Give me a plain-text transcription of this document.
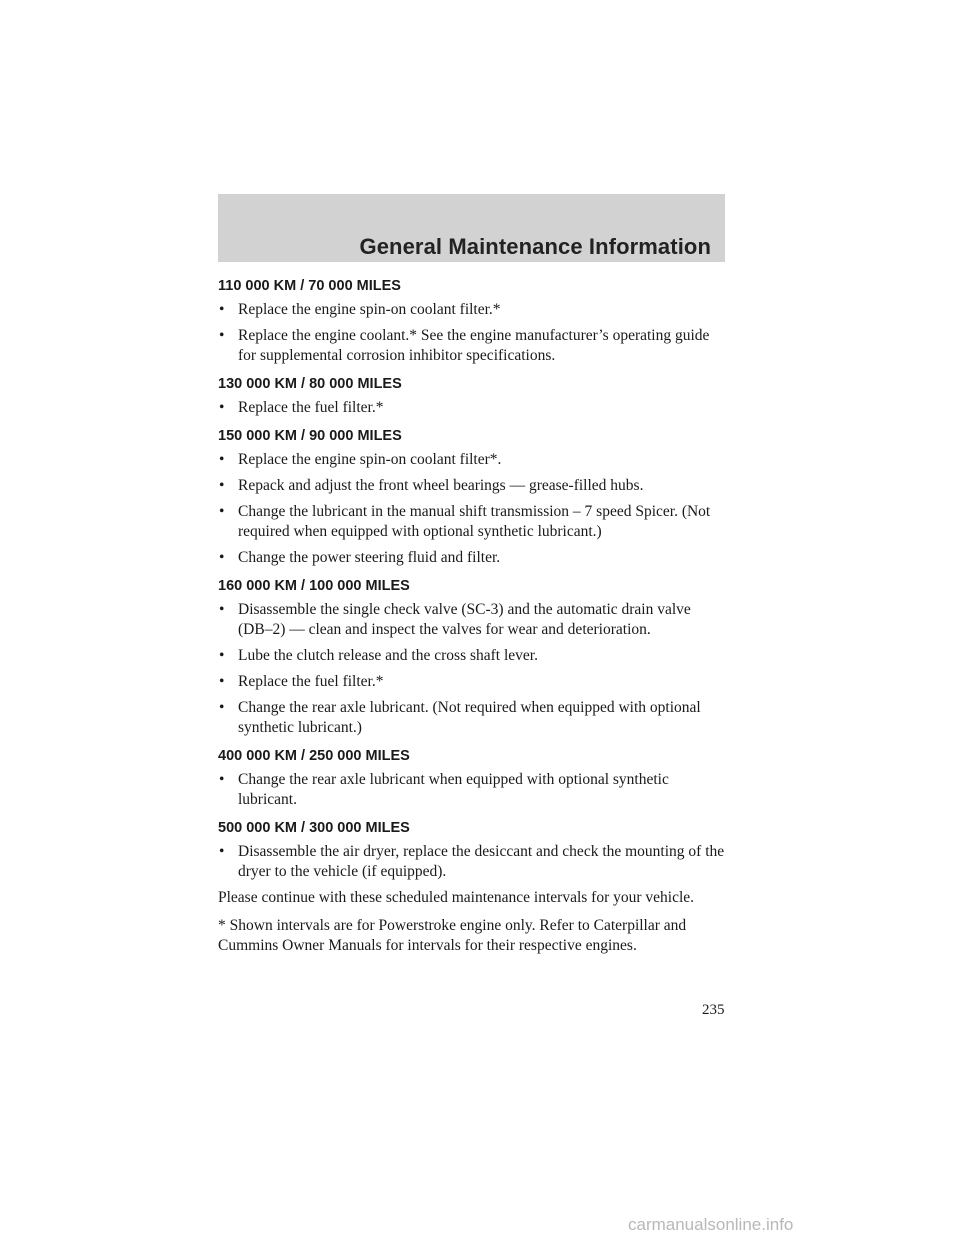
General Maintenance Information
110 000 KM / 70 000 MILES
• Replace the engine spin-on coolant filter.*
• Replace the engine coolant.* See the engine manufacturer’s operating guide for supplemental corrosion inhibitor specifications.
130 000 KM / 80 000 MILES
• Replace the fuel filter.*
150 000 KM / 90 000 MILES
• Replace the engine spin-on coolant filter*.
• Repack and adjust the front wheel bearings — grease-filled hubs.
• Change the lubricant in the manual shift transmission – 7 speed Spicer. (Not required when equipped with optional synthetic lubricant.)
• Change the power steering fluid and filter.
160 000 KM / 100 000 MILES
• Disassemble the single check valve (SC-3) and the automatic drain valve (DB–2) — clean and inspect the valves for wear and deterioration.
• Lube the clutch release and the cross shaft lever.
• Replace the fuel filter.*
• Change the rear axle lubricant. (Not required when equipped with optional synthetic lubricant.)
400 000 KM / 250 000 MILES
• Change the rear axle lubricant when equipped with optional synthetic lubricant.
500 000 KM / 300 000 MILES
• Disassemble the air dryer, replace the desiccant and check the mounting of the dryer to the vehicle (if equipped).

Please continue with these scheduled maintenance intervals for your vehicle.

* Shown intervals are for Powerstroke engine only. Refer to Caterpillar and Cummins Owner Manuals for intervals for their respective engines.

235
carmanualsonline.info
